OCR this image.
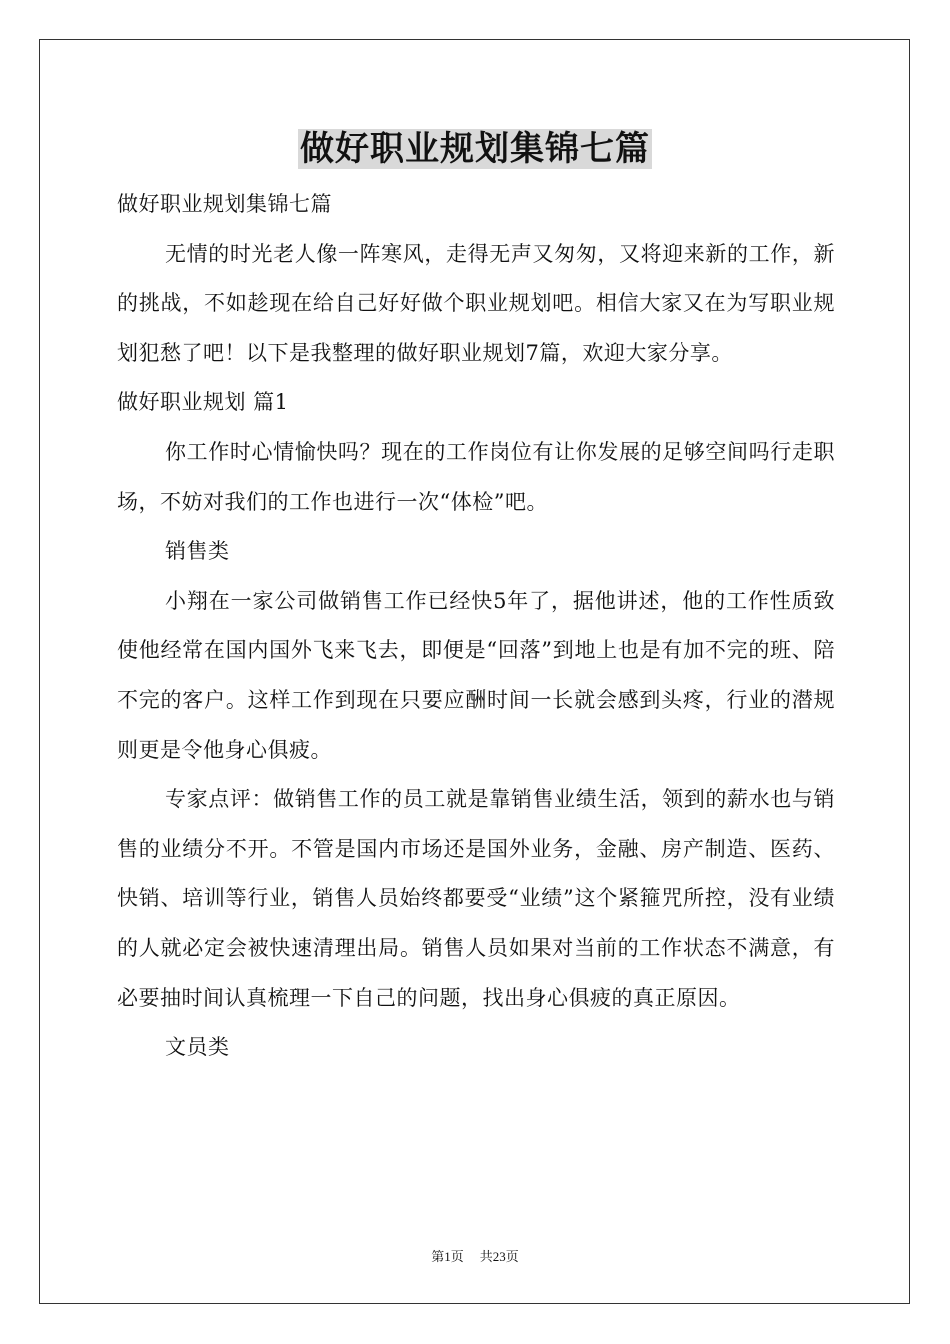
做好职业规划集锦七篇

做好职业规划集锦七篇

无情的时光老人像一阵寒风，走得无声又匆匆，又将迎来新的工作，新的挑战，不如趁现在给自己好好做个职业规划吧。相信大家又在为写职业规划犯愁了吧！以下是我整理的做好职业规划7篇，欢迎大家分享。

做好职业规划 篇1

你工作时心情愉快吗？现在的工作岗位有让你发展的足够空间吗行走职场，不妨对我们的工作也进行一次“体检”吧。

销售类

小翔在一家公司做销售工作已经快5年了，据他讲述，他的工作性质致使他经常在国内国外飞来飞去，即便是“回落”到地上也是有加不完的班、陪不完的客户。这样工作到现在只要应酬时间一长就会感到头疼，行业的潜规则更是令他身心俱疲。

专家点评：做销售工作的员工就是靠销售业绩生活，领到的薪水也与销售的业绩分不开。不管是国内市场还是国外业务，金融、房产制造、医药、快销、培训等行业，销售人员始终都要受“业绩”这个紧箍咒所控，没有业绩的人就必定会被快速清理出局。销售人员如果对当前的工作状态不满意，有必要抽时间认真梳理一下自己的问题，找出身心俱疲的真正原因。

文员类

第1页 共23页
